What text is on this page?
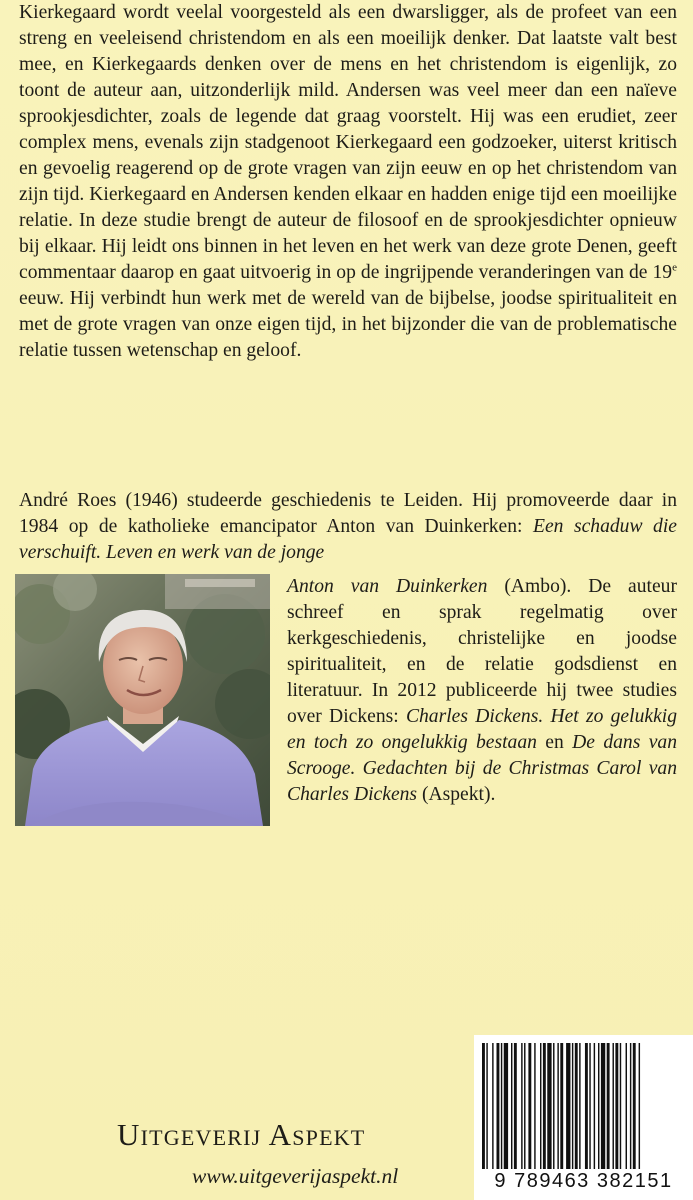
Kierkegaard wordt veelal voorgesteld als een dwarsligger, als de profeet van een streng en veeleisend christendom en als een moeilijk denker. Dat laatste valt best mee, en Kierkegaards denken over de mens en het christendom is eigenlijk, zo toont de auteur aan, uitzonderlijk mild. Andersen was veel meer dan een naïeve sprookjesdichter, zoals de legende dat graag voorstelt. Hij was een erudiet, zeer complex mens, evenals zijn stadgenoot Kierkegaard een godzoeker, uiterst kritisch en gevoelig reagerend op de grote vragen van zijn eeuw en op het christendom van zijn tijd. Kierkegaard en Andersen kenden elkaar en hadden enige tijd een moeilijke relatie. In deze studie brengt de auteur de filosoof en de sprookjesdichter opnieuw bij elkaar. Hij leidt ons binnen in het leven en het werk van deze grote Denen, geeft commentaar daarop en gaat uitvoerig in op de ingrijpende veranderingen van de 19e eeuw. Hij verbindt hun werk met de wereld van de bijbelse, joodse spiritualiteit en met de grote vragen van onze eigen tijd, in het bijzonder die van de problematische relatie tussen wetenschap en geloof.

André Roes (1946) studeerde geschiedenis te Leiden. Hij promoveerde daar in 1984 op de katholieke emancipator Anton van Duinkerken: Een schaduw die verschuift. Leven en werk van de jonge

Anton van Duinkerken (Ambo). De auteur schreef en sprak regelmatig over kerkgeschiedenis, christelijke en joodse spiritualiteit, en de relatie godsdienst en literatuur. In 2012 publiceerde hij twee studies over Dickens: Charles Dickens. Het zo gelukkig en toch zo ongelukkig bestaan en De dans van Scrooge. Gedachten bij de Christmas Carol van Charles Dickens (Aspekt).

Uitgeverij Aspekt

www.uitgeverijaspekt.nl	9 789463 382151
